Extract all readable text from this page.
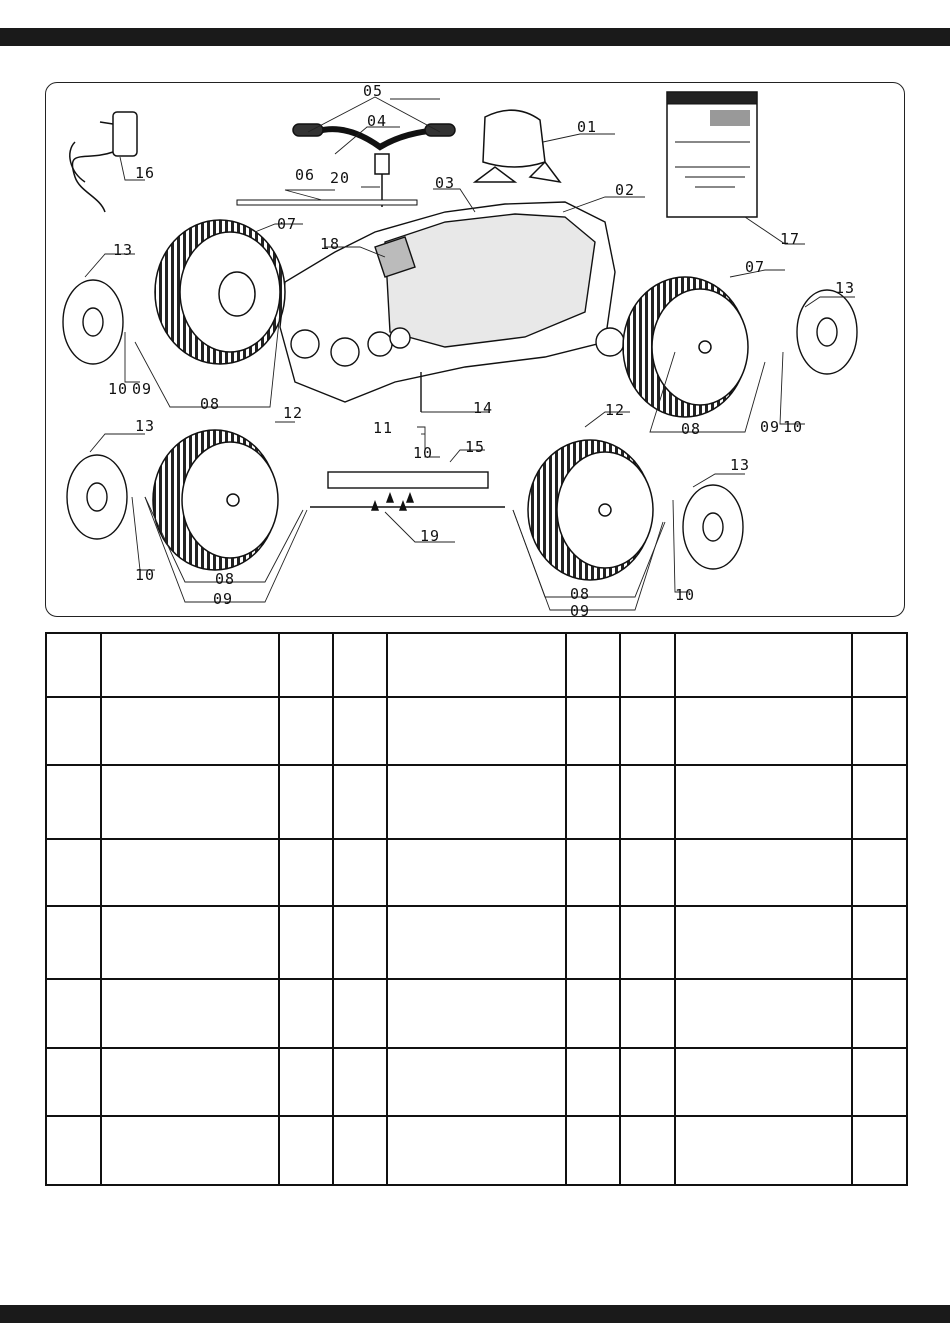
01
02
03
04
05
06
07
07
08
08
08
08
09
09
09
09
10
10
10
10
10
11
12	12
13
13
13
13
14
15
16
17
18
19
20
